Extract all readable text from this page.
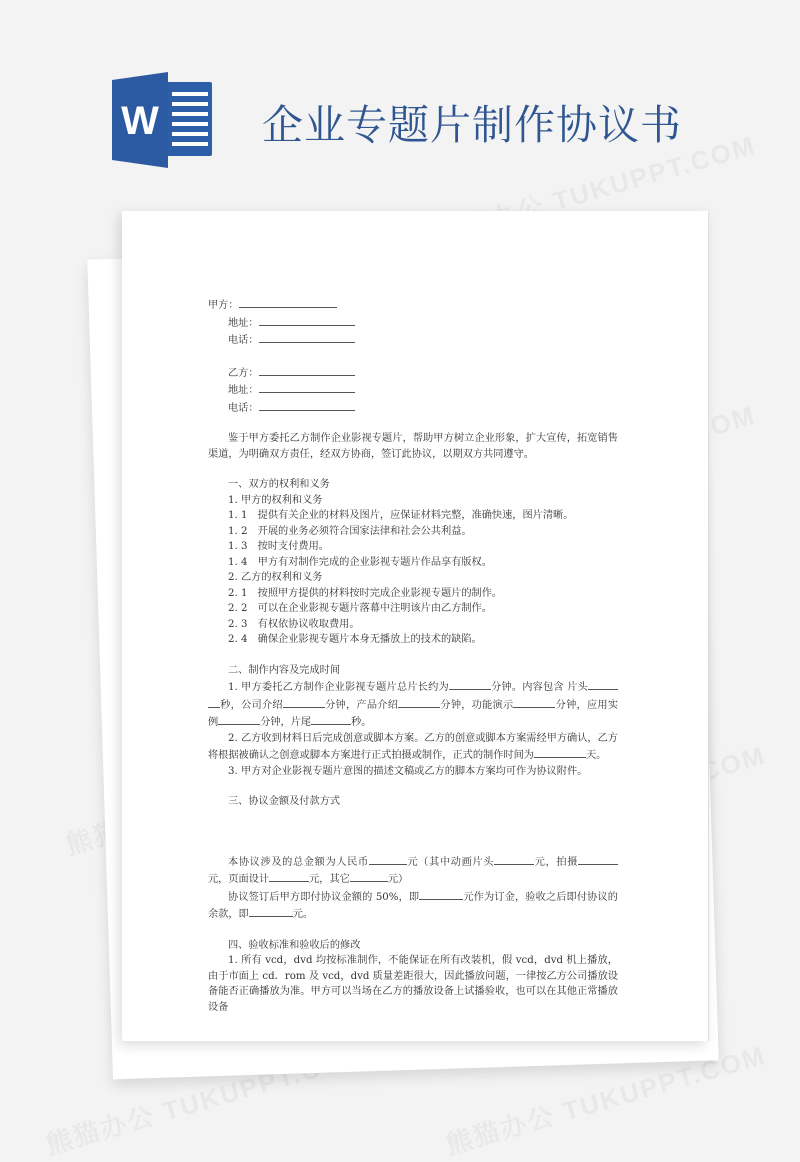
W	企业专题片制作协议书
甲方：
地址：
电话：
乙方：
地址：
电话：
鉴于甲方委托乙方制作企业影视专题片，帮助甲方树立企业形象，扩大宣传，拓宽销售渠道，为明确双方责任，经双方协商，签订此协议，以期双方共同遵守。
一、双方的权利和义务
1. 甲方的权利和义务
1. 1　提供有关企业的材料及图片，应保证材料完整，准确快速，图片清晰。
1. 2　开展的业务必须符合国家法律和社会公共利益。
1. 3　按时支付费用。
1. 4　甲方有对制作完成的企业影视专题片作品享有版权。
2. 乙方的权利和义务
2. 1　按照甲方提供的材料按时完成企业影视专题片的制作。
2. 2　可以在企业影视专题片落幕中注明该片由乙方制作。
2. 3　有权依协议收取费用。
2. 4　确保企业影视专题片本身无播放上的技术的缺陷。
二、制作内容及完成时间
1. 甲方委托乙方制作企业影视专题片总片长约为	分钟。内容包含 片头秒，公司介绍	分钟，产品介绍	分钟，功能演示	分钟，应用实例	分钟，片尾	秒。
2. 乙方收到材料日后完成创意或脚本方案。乙方的创意或脚本方案需经甲方确认，乙方将根据被确认之创意或脚本方案进行正式拍摄或制作，正式的制作时间为	天。
3. 甲方对企业影视专题片意图的描述文稿或乙方的脚本方案均可作为协议附件。
三、协议金额及付款方式
本协议涉及的总金额为人民币	元（其中动画片头	元，拍摄元，页面设计	元，其它	元）
协议签订后甲方即付协议金额的 50%，即	元作为订金，验收之后即付协议的余款，即	元。
四、验收标准和验收后的修改
1. 所有 vcd，dvd 均按标准制作，不能保证在所有改装机，假 vcd，dvd 机上播放，由于市面上 cd．rom 及 vcd，dvd 质量差距很大，因此播放问题，一律按乙方公司播放设备能否正确播放为准。甲方可以当场在乙方的播放设备上试播验收，也可以在其他正常播放设备
